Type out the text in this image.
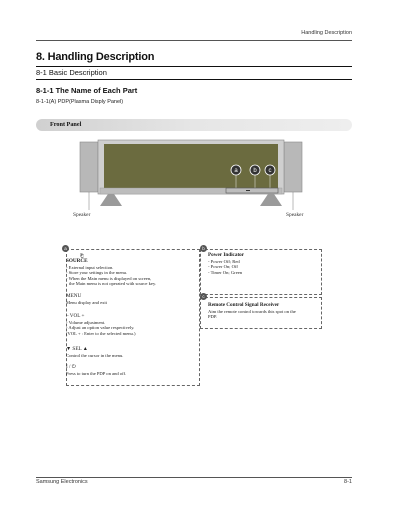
Handling Description
8. Handling Description
8-1 Basic Description
8-1-1 The Name of Each Part
8-1-1(A) PDP(Plasma Disply Panel)
Front Panel
a	b c
Speaker	Speaker
a
⎗
SOURCE
- External input selection.
- Store your settings in the menu.
- When the Main menu is displayed on screen,
the Main menu is not operated with source key.
MENU
Menu display and exit
– VOL +
- Volume adjustment.
- Adjust an option value respectively.
(VOL + : Enter to the selected menu.)
▼ SEL ▲
Control the cursor in the menu.
I / ⏻
Press to turn the PDP on and off.
b
Power Indicator
- Power Off; Red
- Power On; Off
- Timer On; Green
c
Remote Control Signal Receiver
Aim the remote control towards this spot on the
PDP.
Samsung Electronics	8-1
